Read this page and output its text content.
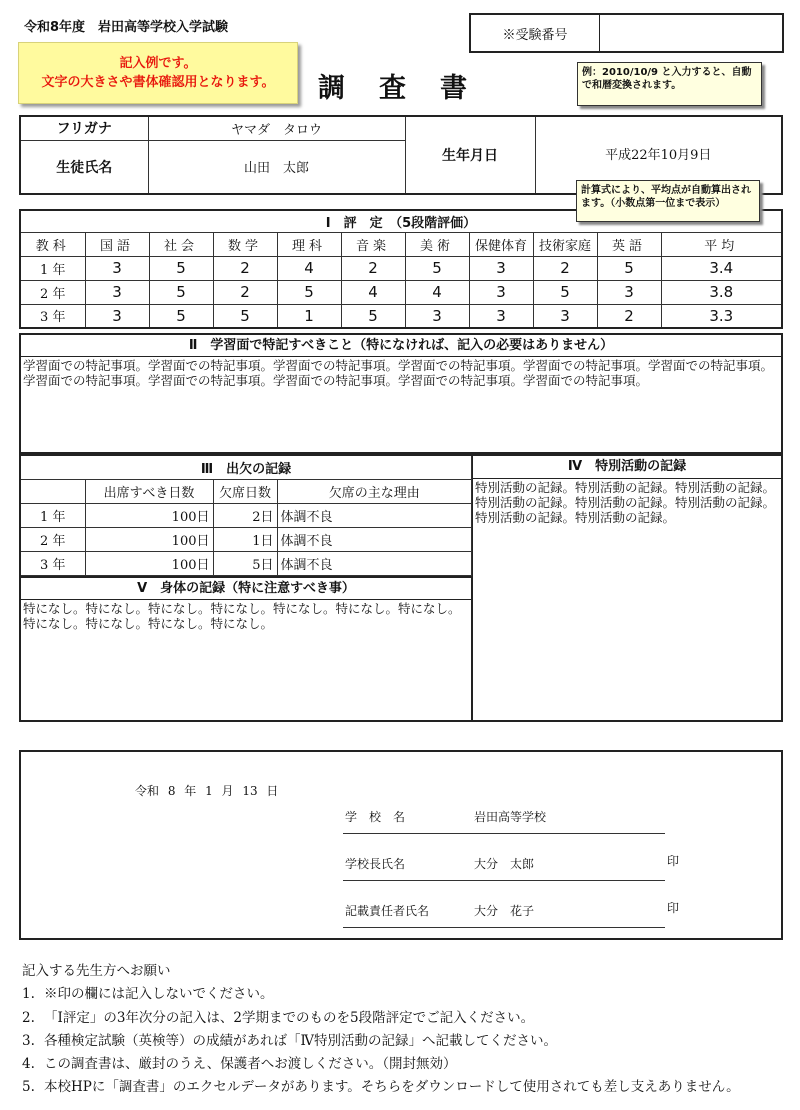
令和8年度　岩田高等学校入学試験
記入例です。
文字の大きさや書体確認用となります。	調査書
※受験番号
例：2010/10/9 と入力すると、自動で和暦変換されます。
計算式により、平均点が自動算出されます。（小数点第一位まで表示）
フリガナ	ヤマダ　タロウ	生年月日	平成22年10月9日
生徒氏名	山田　太郎		
Ⅰ　評　定　（5段階評価）										
教科	国語	社会	数学	理科	音楽	美術	保健体育	技術家庭	英語	平均
1 年	3	5	2	4	2	5	3	2	5	3.4
2 年	3	5	2	5	4	4	3	5	3	3.8
3 年	3	5	5	1	5	3	3	3	2	3.3
Ⅱ　学習面で特記すべきこと（特になければ、記入の必要はありません）
学習面での特記事項。学習面での特記事項。学習面での特記事項。学習面での特記事項。学習面での特記事項。学習面での特記事項。学習面での特記事項。学習面での特記事項。学習面での特記事項。学習面での特記事項。学習面での特記事項。
Ⅲ　出欠の記録			
	出席すべき日数	欠席日数	欠席の主な理由
1 年	100日	2日	体調不良
2 年	100日	1日	体調不良
3 年	100日	5日	体調不良
Ⅴ　身体の記録（特に注意すべき事）
特になし。特になし。特になし。特になし。特になし。特になし。特になし。特になし。特になし。特になし。特になし。
Ⅳ　特別活動の記録
特別活動の記録。特別活動の記録。特別活動の記録。特別活動の記録。特別活動の記録。特別活動の記録。特別活動の記録。特別活動の記録。
令和 8 年 1 月 13 日
学　校　名	岩田高等学校
学校長氏名	大分　太郎	印
記載責任者氏名	大分　花子	印
記入する先生方へお願い
1. ※印の欄には記入しないでください。
2. 「Ⅰ評定」の3年次分の記入は、2学期までのものを5段階評定でご記入ください。
3. 各種検定試験（英検等）の成績があれば「Ⅳ特別活動の記録」へ記載してください。
4. この調査書は、厳封のうえ、保護者へお渡しください。（開封無効）
5. 本校HPに「調査書」のエクセルデータがあります。そちらをダウンロードして使用されても差し支えありません。
